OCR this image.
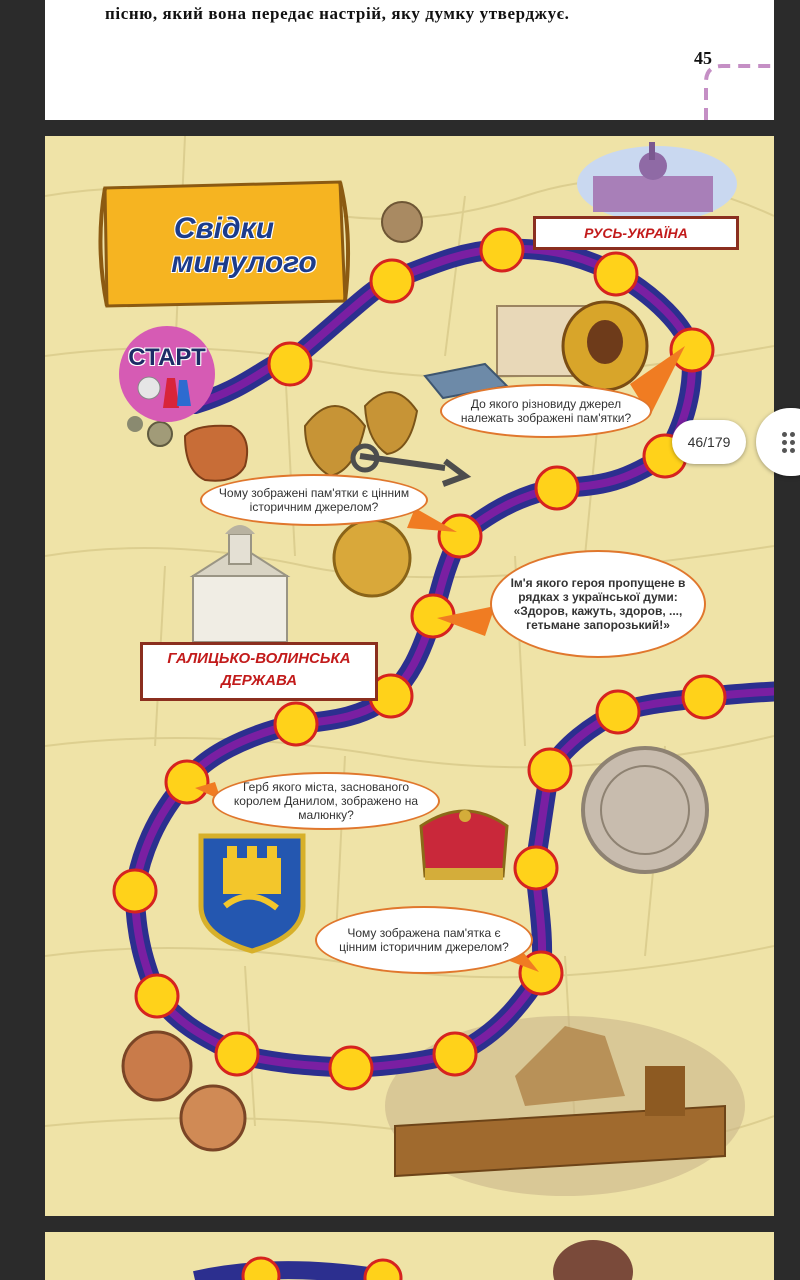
пісню, який вона передає настрій, яку думку утверджує.
45
Свідки
минулого
СТАРТ
РУСЬ-УКРАЇНА
ГАЛИЦЬКО-ВОЛИНСЬКА
ДЕРЖАВА
До якого різновиду джерел належать зображені пам'ятки?
Чому зображені пам'ятки є цінним історичним джерелом?
Ім'я якого героя пропущене в рядках з української думи: «Здоров, кажуть, здоров, ..., гетьмане запорозький!»
Герб якого міста, заснованого королем Данилом, зображено на малюнку?
Чому зображена пам'ятка є цінним історичним джерелом?
46/179
